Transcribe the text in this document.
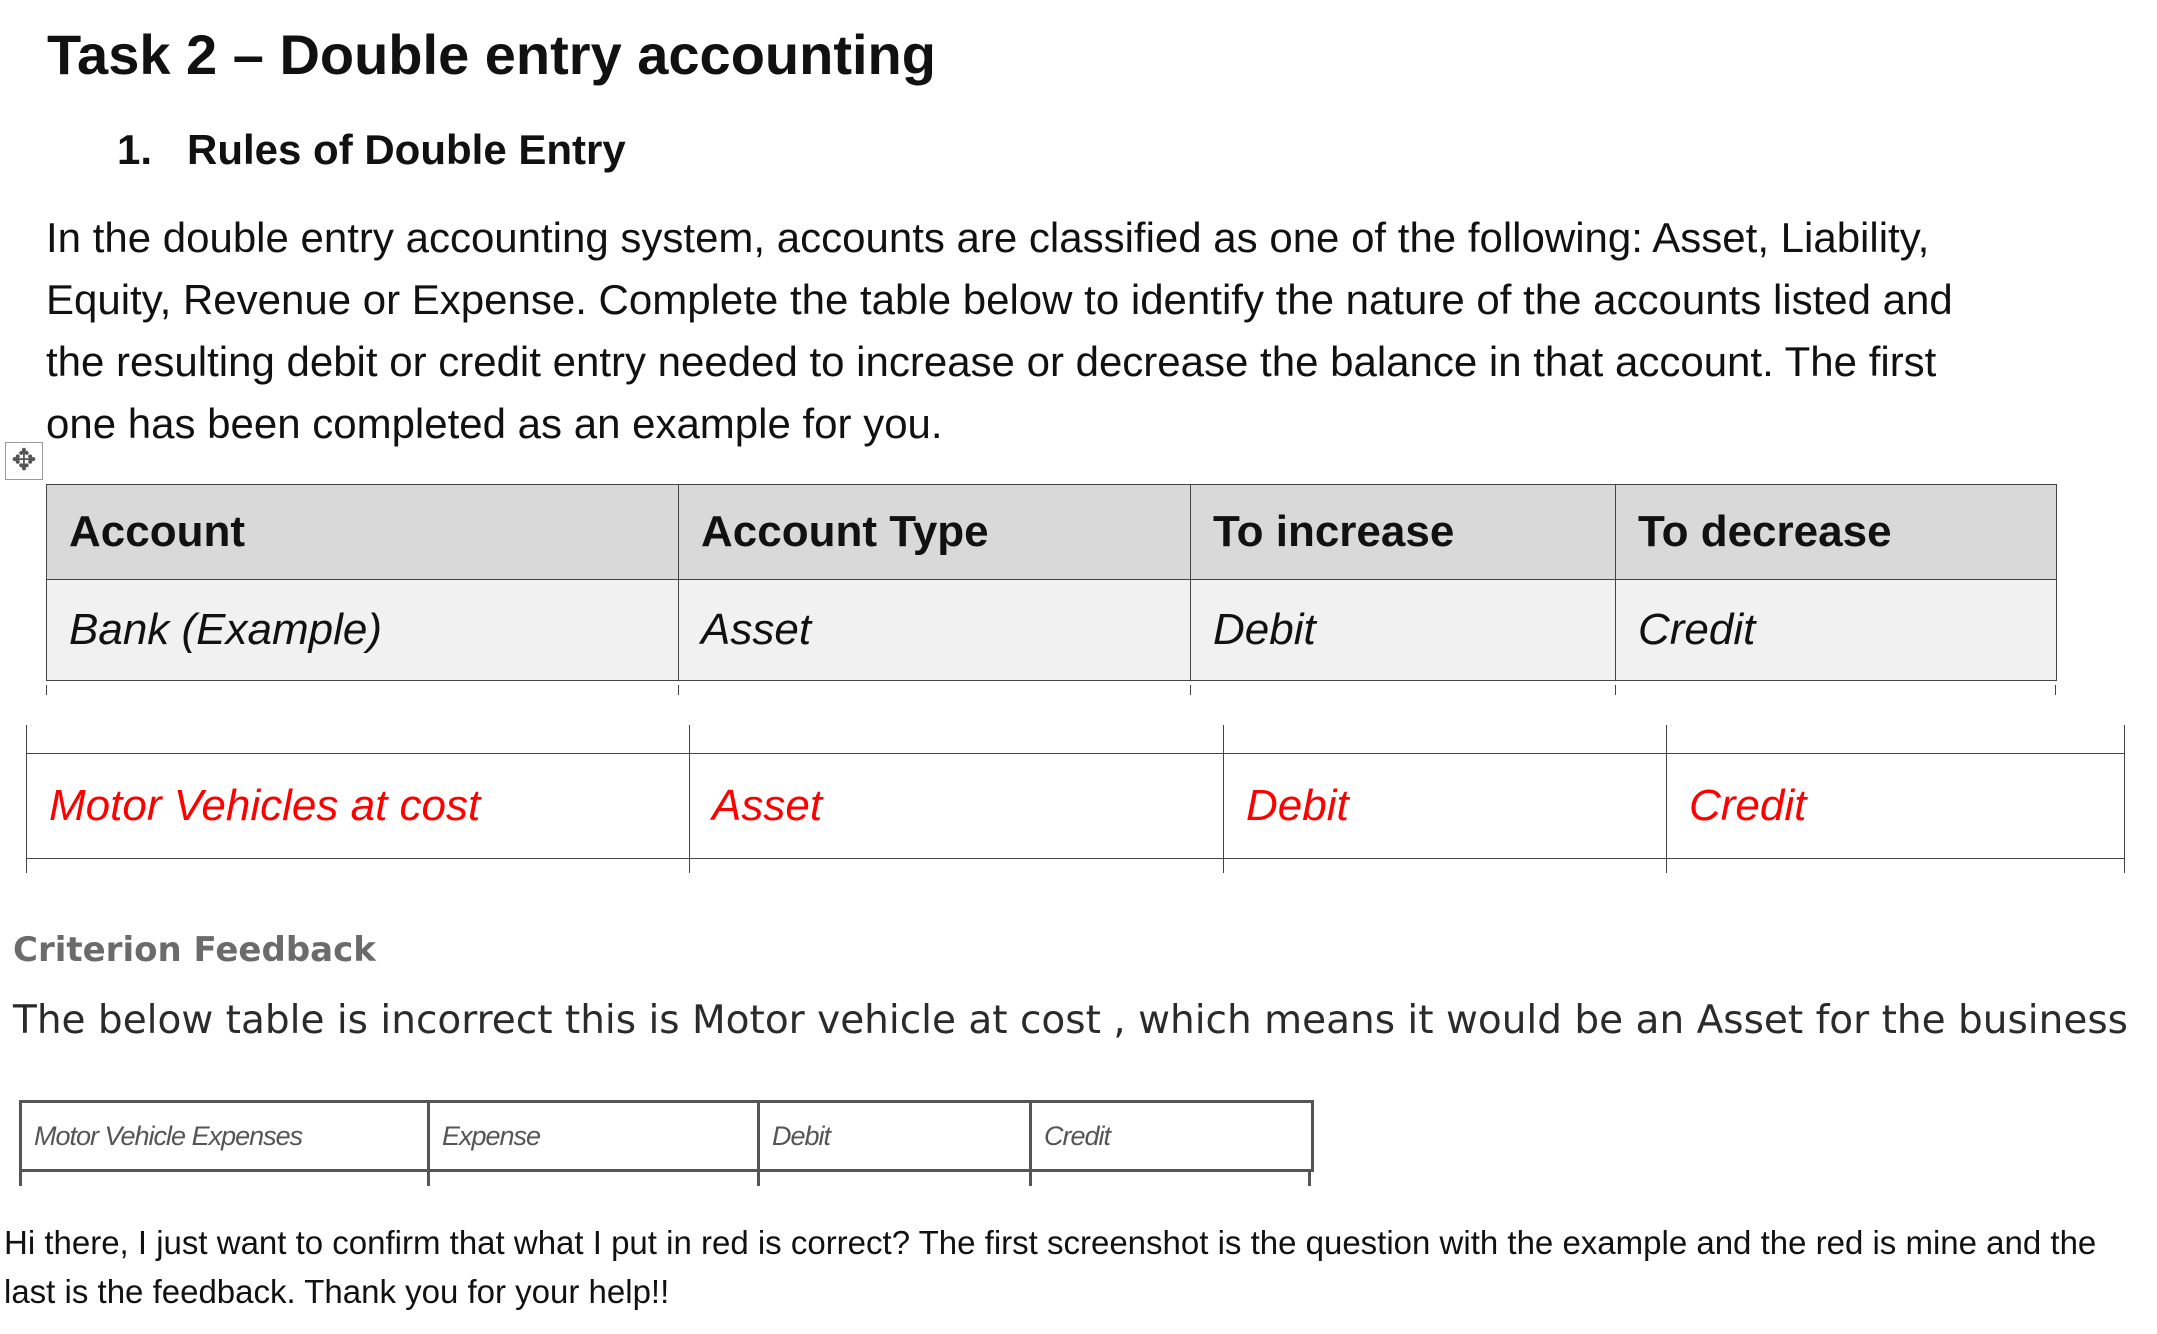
Task 2 – Double entry accounting
1. Rules of Double Entry

In the double entry accounting system, accounts are classified as one of the following: Asset, Liability,

Equity, Revenue or Expense. Complete the table below to identify the nature of the accounts listed and

the resulting debit or credit entry needed to increase or decrease the balance in that account. The first

one has been completed as an example for you.

✥
Account	Account Type	To increase	To decrease
Bank (Example)	Asset	Debit	Credit

Motor Vehicles at cost	Asset	Debit	Credit

Criterion Feedback
The below table is incorrect this is Motor vehicle at cost , which means it would be an Asset for the business
Motor Vehicle Expenses	Expense	Debit	Credit
Hi there, I just want to confirm that what I put in red is correct? The first screenshot is the question with the example and the red is mine and the last is the feedback. Thank you for your help!!
